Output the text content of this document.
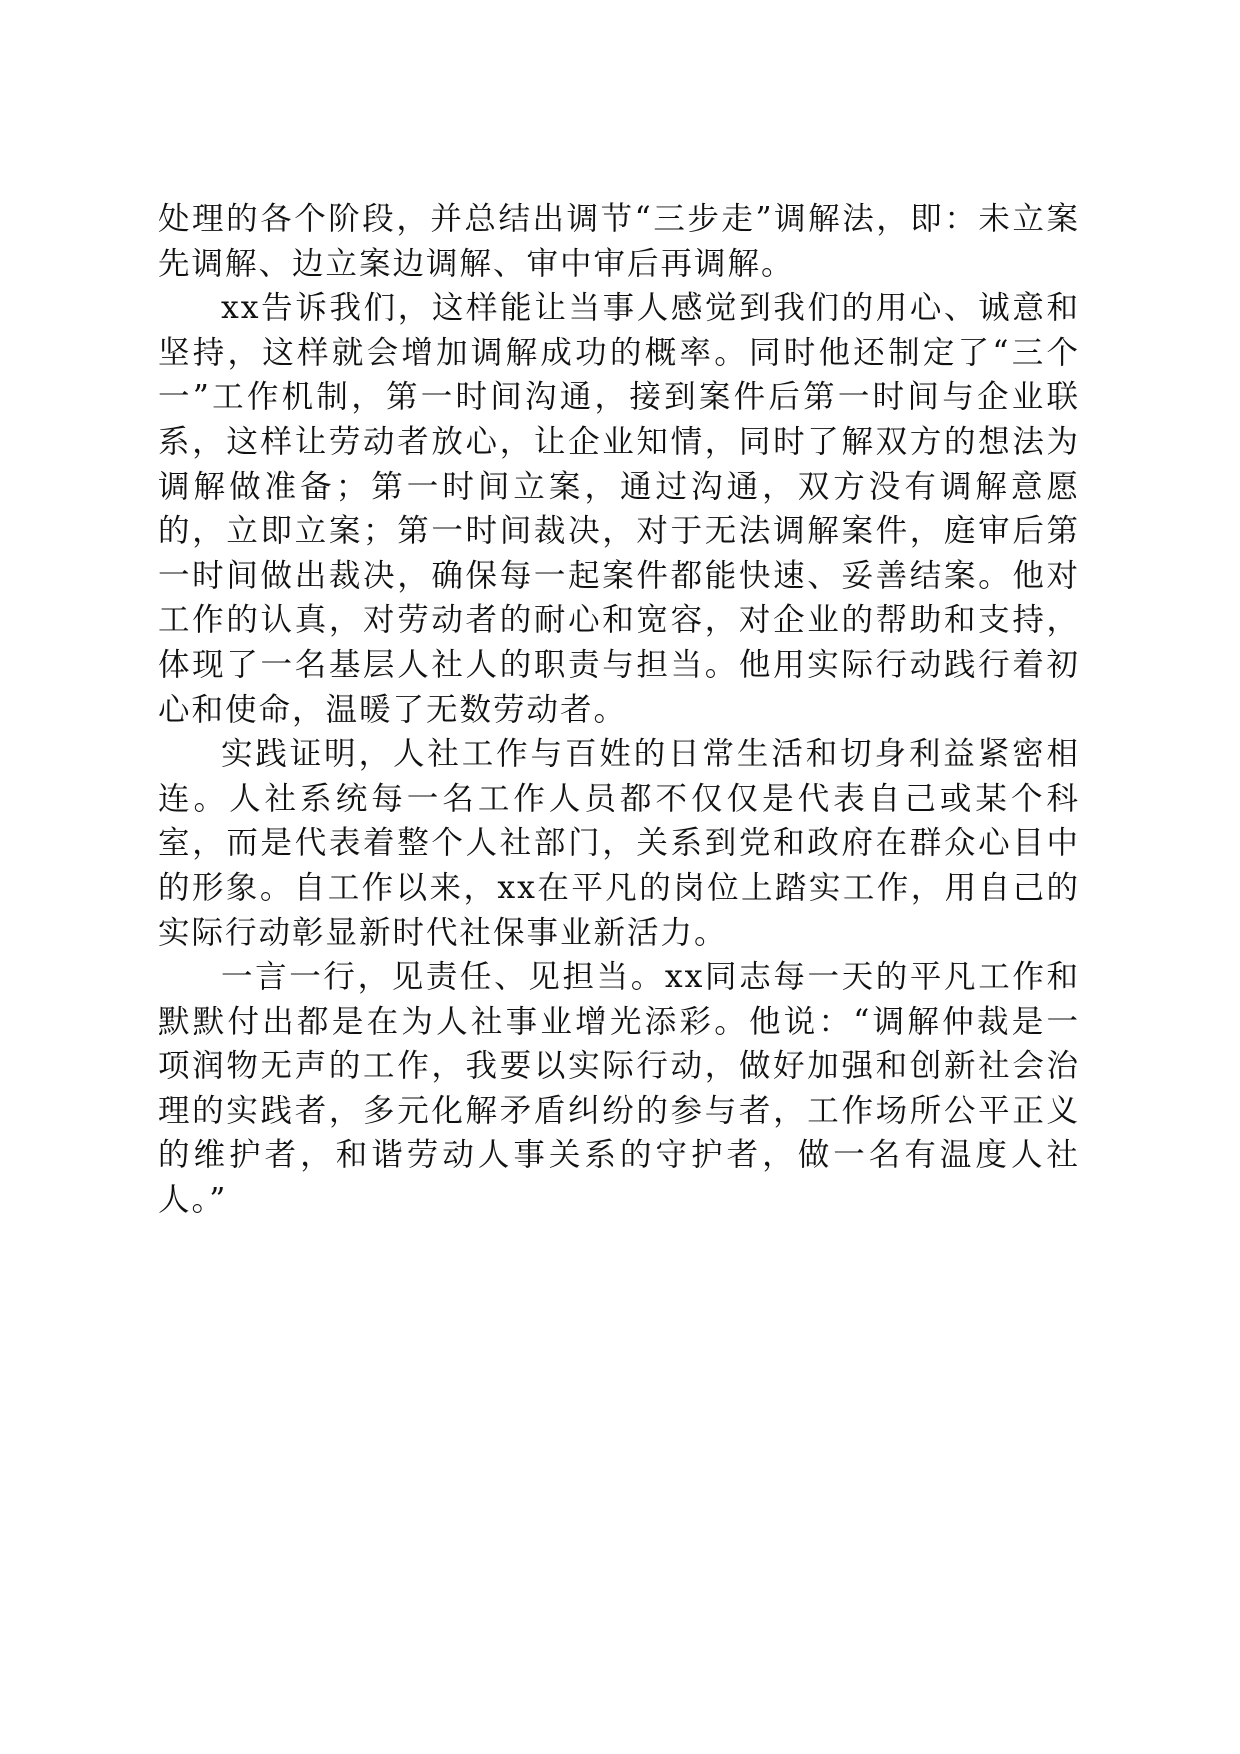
处理的各个阶段，并总结出调节“三步走”调解法，即：未立案先调解、边立案边调解、审中审后再调解。

xx告诉我们，这样能让当事人感觉到我们的用心、诚意和坚持，这样就会增加调解成功的概率。同时他还制定了“三个一”工作机制，第一时间沟通，接到案件后第一时间与企业联系，这样让劳动者放心，让企业知情，同时了解双方的想法为调解做准备；第一时间立案，通过沟通，双方没有调解意愿的，立即立案；第一时间裁决，对于无法调解案件，庭审后第一时间做出裁决，确保每一起案件都能快速、妥善结案。他对工作的认真，对劳动者的耐心和宽容，对企业的帮助和支持，体现了一名基层人社人的职责与担当。他用实际行动践行着初心和使命，温暖了无数劳动者。

实践证明，人社工作与百姓的日常生活和切身利益紧密相连。人社系统每一名工作人员都不仅仅是代表自己或某个科室，而是代表着整个人社部门，关系到党和政府在群众心目中的形象。自工作以来，xx在平凡的岗位上踏实工作，用自己的实际行动彰显新时代社保事业新活力。

一言一行，见责任、见担当。xx同志每一天的平凡工作和默默付出都是在为人社事业增光添彩。他说：“调解仲裁是一项润物无声的工作，我要以实际行动，做好加强和创新社会治理的实践者，多元化解矛盾纠纷的参与者，工作场所公平正义的维护者，和谐劳动人事关系的守护者，做一名有温度人社人。”
